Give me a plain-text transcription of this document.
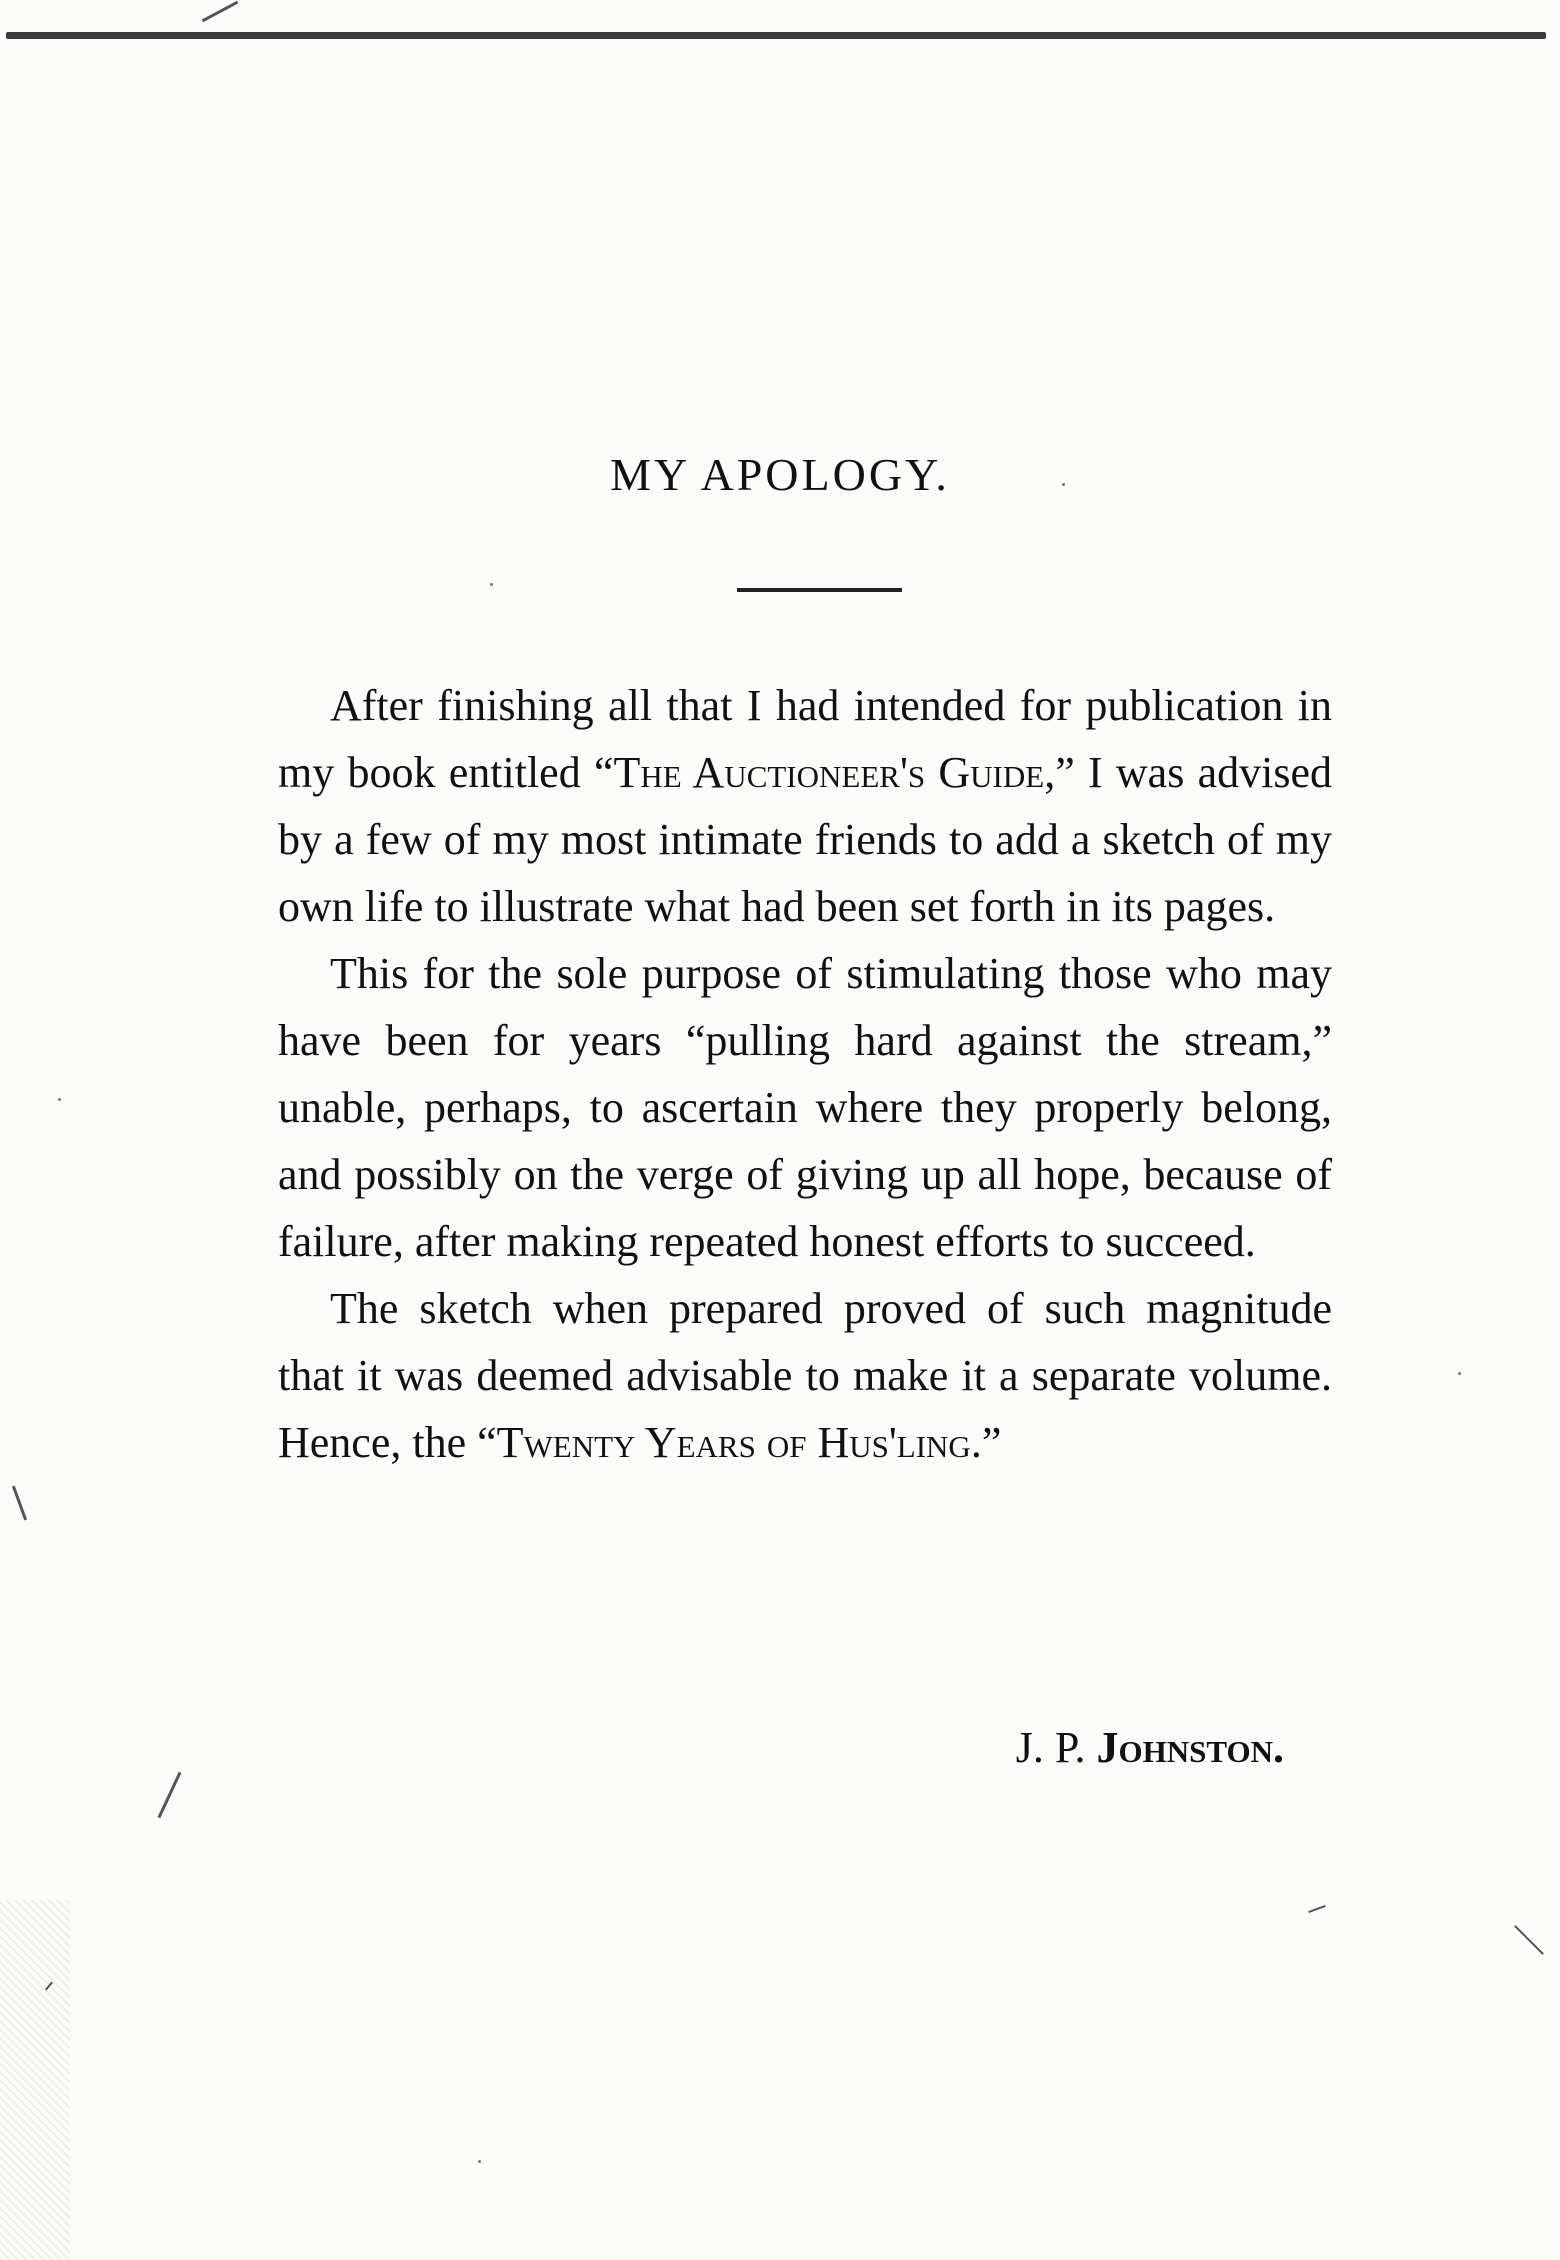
MY APOLOGY.

After finishing all that I had intended for publication in my book entitled “The Auctioneer's Guide,” I was advised by a few of my most intimate friends to add a sketch of my own life to illustrate what had been set forth in its pages.

This for the sole purpose of stimulating those who may have been for years “pulling hard against the stream,” unable, perhaps, to ascertain where they properly belong, and possibly on the verge of giving up all hope, because of failure, after making repeated honest efforts to succeed.

The sketch when prepared proved of such magnitude that it was deemed advisable to make it a separate volume. Hence, the “Twenty Years of Hus'ling.”

J. P. Johnston.
